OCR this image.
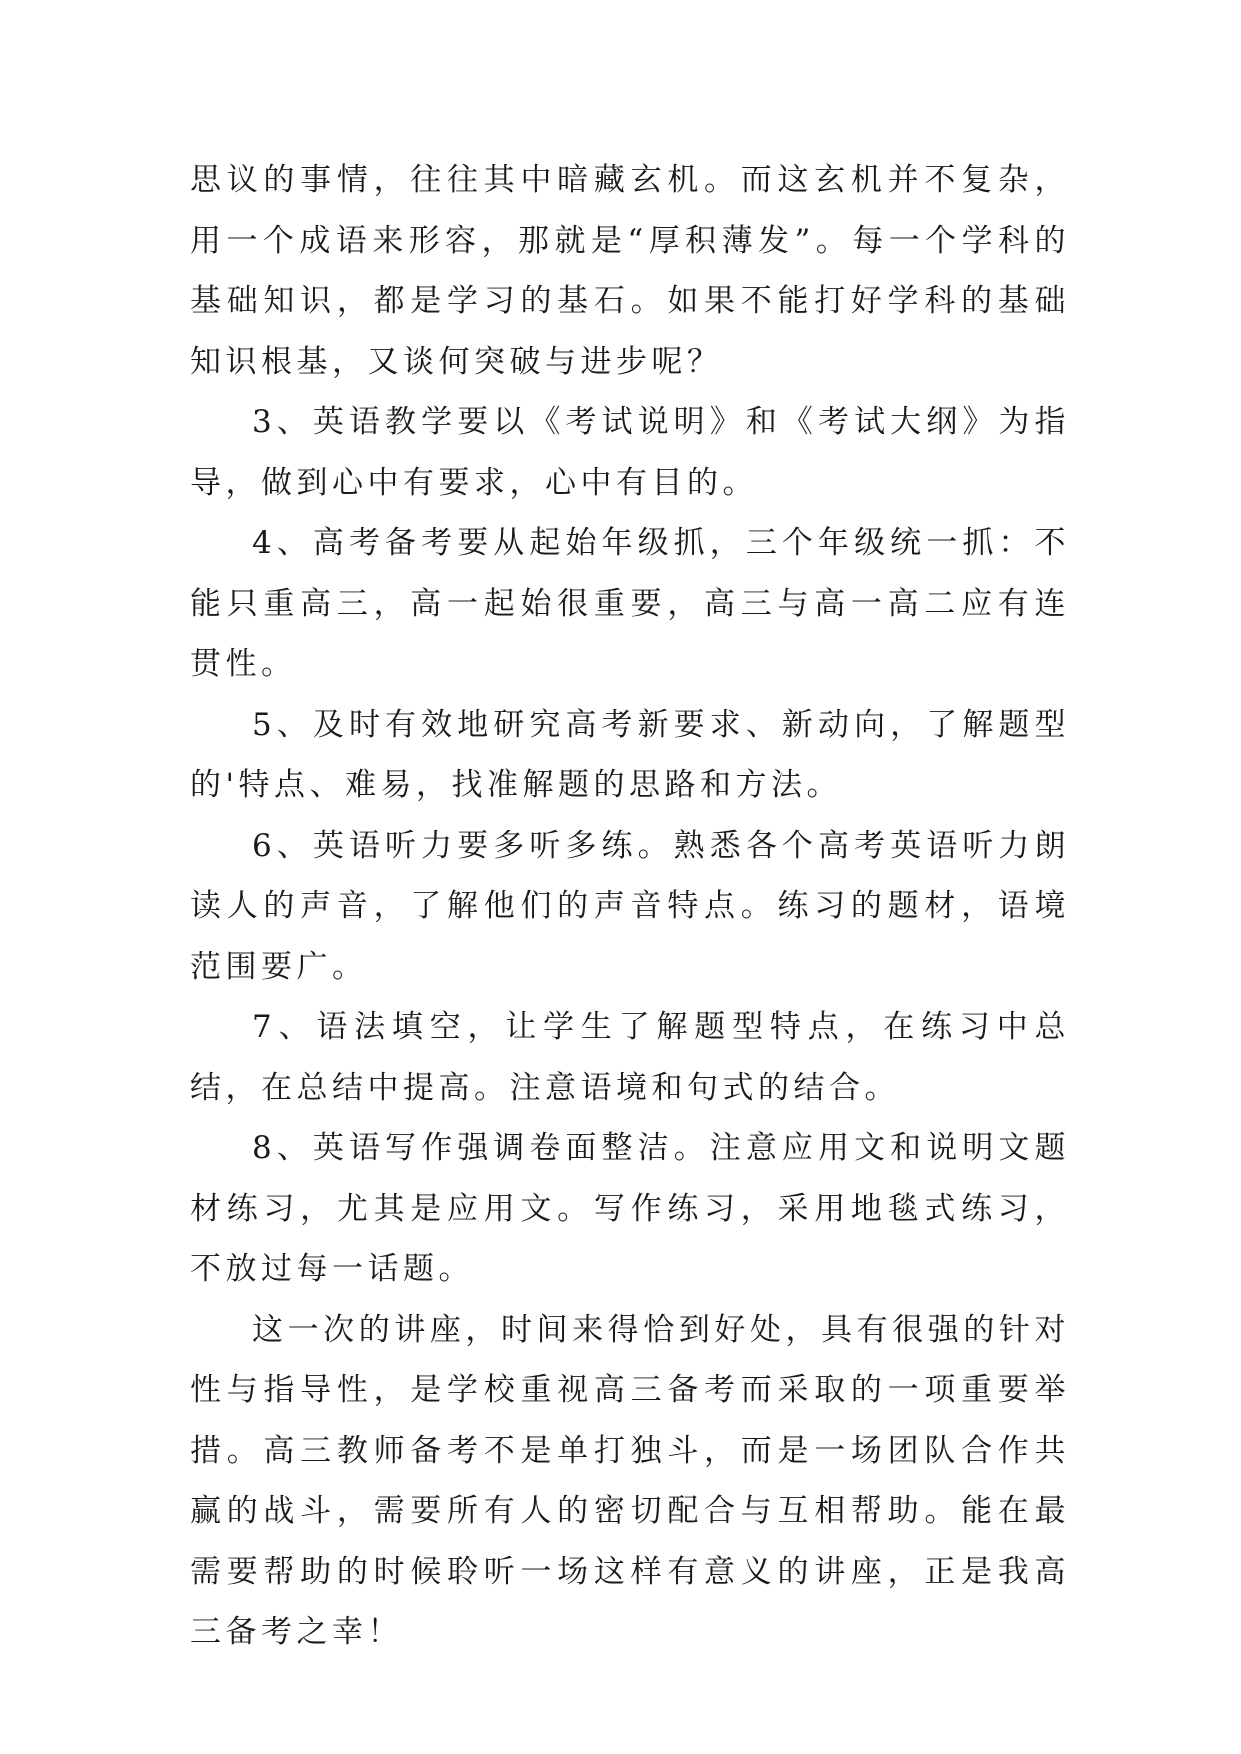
思议的事情，往往其中暗藏玄机。而这玄机并不复杂，用一个成语来形容，那就是“厚积薄发”。每一个学科的基础知识，都是学习的基石。如果不能打好学科的基础知识根基，又谈何突破与进步呢？

3、英语教学要以《考试说明》和《考试大纲》为指导，做到心中有要求，心中有目的。

4、高考备考要从起始年级抓，三个年级统一抓：不能只重高三，高一起始很重要，高三与高一高二应有连贯性。

5、及时有效地研究高考新要求、新动向，了解题型的'特点、难易，找准解题的思路和方法。

6、英语听力要多听多练。熟悉各个高考英语听力朗读人的声音，了解他们的声音特点。练习的题材，语境范围要广。

7、语法填空，让学生了解题型特点，在练习中总结，在总结中提高。注意语境和句式的结合。

8、英语写作强调卷面整洁。注意应用文和说明文题材练习，尤其是应用文。写作练习，采用地毯式练习，不放过每一话题。

这一次的讲座，时间来得恰到好处，具有很强的针对性与指导性，是学校重视高三备考而采取的一项重要举措。高三教师备考不是单打独斗，而是一场团队合作共赢的战斗，需要所有人的密切配合与互相帮助。能在最需要帮助的时候聆听一场这样有意义的讲座，正是我高三备考之幸！
